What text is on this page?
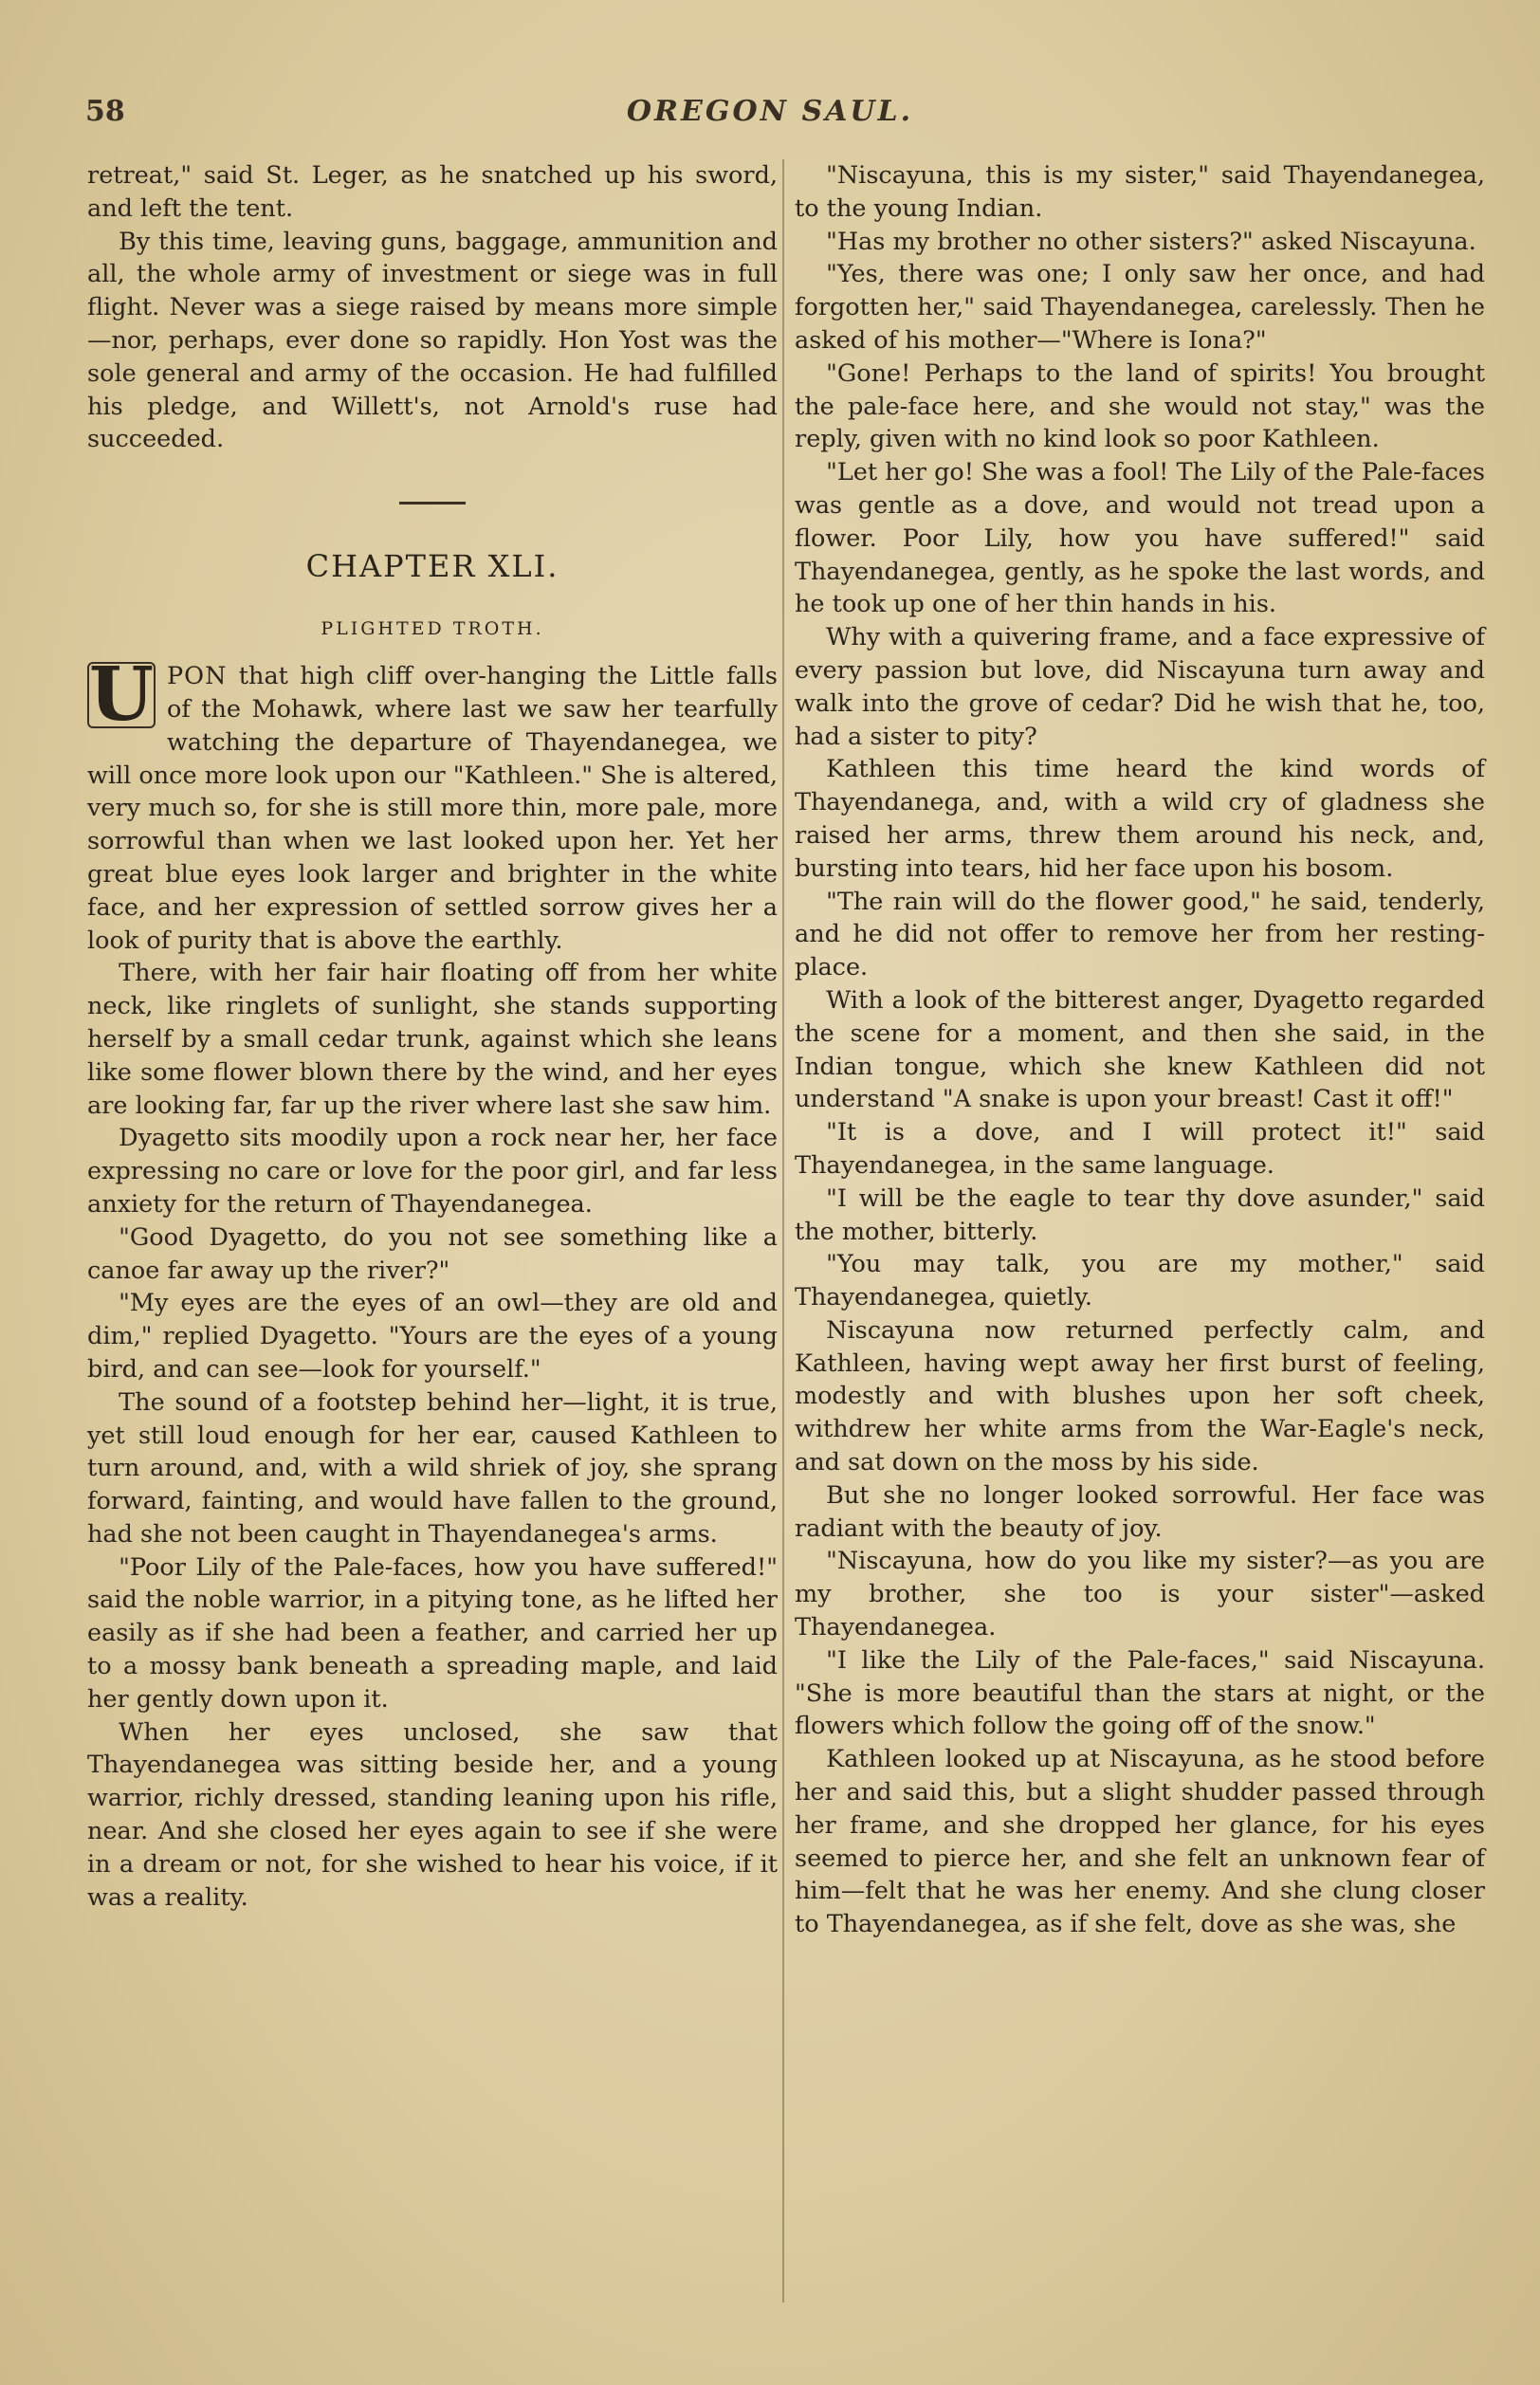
58	OREGON SAUL.

retreat," said St. Leger, as he snatched up his sword, and left the tent.

By this time, leaving guns, baggage, ammunition and all, the whole army of investment or siege was in full flight. Never was a siege raised by means more simple—nor, perhaps, ever done so rapidly. Hon Yost was the sole general and army of the occasion. He had fulfilled his pledge, and Willett's, not Arnold's ruse had succeeded.

CHAPTER XLI.
PLIGHTED TROTH.

U PON that high cliff over-hanging the Little falls of the Mohawk, where last we saw her tearfully watching the departure of Thayendanegea, we will once more look upon our "Kathleen." She is altered, very much so, for she is still more thin, more pale, more sorrowful than when we last looked upon her. Yet her great blue eyes look larger and brighter in the white face, and her expression of settled sorrow gives her a look of purity that is above the earthly.

There, with her fair hair floating off from her white neck, like ringlets of sunlight, she stands supporting herself by a small cedar trunk, against which she leans like some flower blown there by the wind, and her eyes are looking far, far up the river where last she saw him.

Dyagetto sits moodily upon a rock near her, her face expressing no care or love for the poor girl, and far less anxiety for the return of Thayendanegea.

"Good Dyagetto, do you not see something like a canoe far away up the river?"

"My eyes are the eyes of an owl—they are old and dim," replied Dyagetto. "Yours are the eyes of a young bird, and can see—look for yourself."

The sound of a footstep behind her—light, it is true, yet still loud enough for her ear, caused Kathleen to turn around, and, with a wild shriek of joy, she sprang forward, fainting, and would have fallen to the ground, had she not been caught in Thayendanegea's arms.

"Poor Lily of the Pale-faces, how you have suffered!" said the noble warrior, in a pitying tone, as he lifted her easily as if she had been a feather, and carried her up to a mossy bank beneath a spreading maple, and laid her gently down upon it.

When her eyes unclosed, she saw that Thayendanegea was sitting beside her, and a young warrior, richly dressed, standing leaning upon his rifle, near. And she closed her eyes again to see if she were in a dream or not, for she wished to hear his voice, if it was a reality.

"Niscayuna, this is my sister," said Thayendanegea, to the young Indian.

"Has my brother no other sisters?" asked Niscayuna.

"Yes, there was one; I only saw her once, and had forgotten her," said Thayendanegea, carelessly. Then he asked of his mother—"Where is Iona?"

"Gone! Perhaps to the land of spirits! You brought the pale-face here, and she would not stay," was the reply, given with no kind look so poor Kathleen.

"Let her go! She was a fool! The Lily of the Pale-faces was gentle as a dove, and would not tread upon a flower. Poor Lily, how you have suffered!" said Thayendanegea, gently, as he spoke the last words, and he took up one of her thin hands in his.

Why with a quivering frame, and a face expressive of every passion but love, did Niscayuna turn away and walk into the grove of cedar? Did he wish that he, too, had a sister to pity?

Kathleen this time heard the kind words of Thayendanega, and, with a wild cry of gladness she raised her arms, threw them around his neck, and, bursting into tears, hid her face upon his bosom.

"The rain will do the flower good," he said, tenderly, and he did not offer to remove her from her resting-place.

With a look of the bitterest anger, Dyagetto regarded the scene for a moment, and then she said, in the Indian tongue, which she knew Kathleen did not understand "A snake is upon your breast! Cast it off!"

"It is a dove, and I will protect it!" said Thayendanegea, in the same language.

"I will be the eagle to tear thy dove asunder," said the mother, bitterly.

"You may talk, you are my mother," said Thayendanegea, quietly.

Niscayuna now returned perfectly calm, and Kathleen, having wept away her first burst of feeling, modestly and with blushes upon her soft cheek, withdrew her white arms from the War-Eagle's neck, and sat down on the moss by his side.

But she no longer looked sorrowful. Her face was radiant with the beauty of joy.

"Niscayuna, how do you like my sister?—as you are my brother, she too is your sister"—asked Thayendanegea.

"I like the Lily of the Pale-faces," said Niscayuna. "She is more beautiful than the stars at night, or the flowers which follow the going off of the snow."

Kathleen looked up at Niscayuna, as he stood before her and said this, but a slight shudder passed through her frame, and she dropped her glance, for his eyes seemed to pierce her, and she felt an unknown fear of him—felt that he was her enemy. And she clung closer to Thayendanegea, as if she felt, dove as she was, she
